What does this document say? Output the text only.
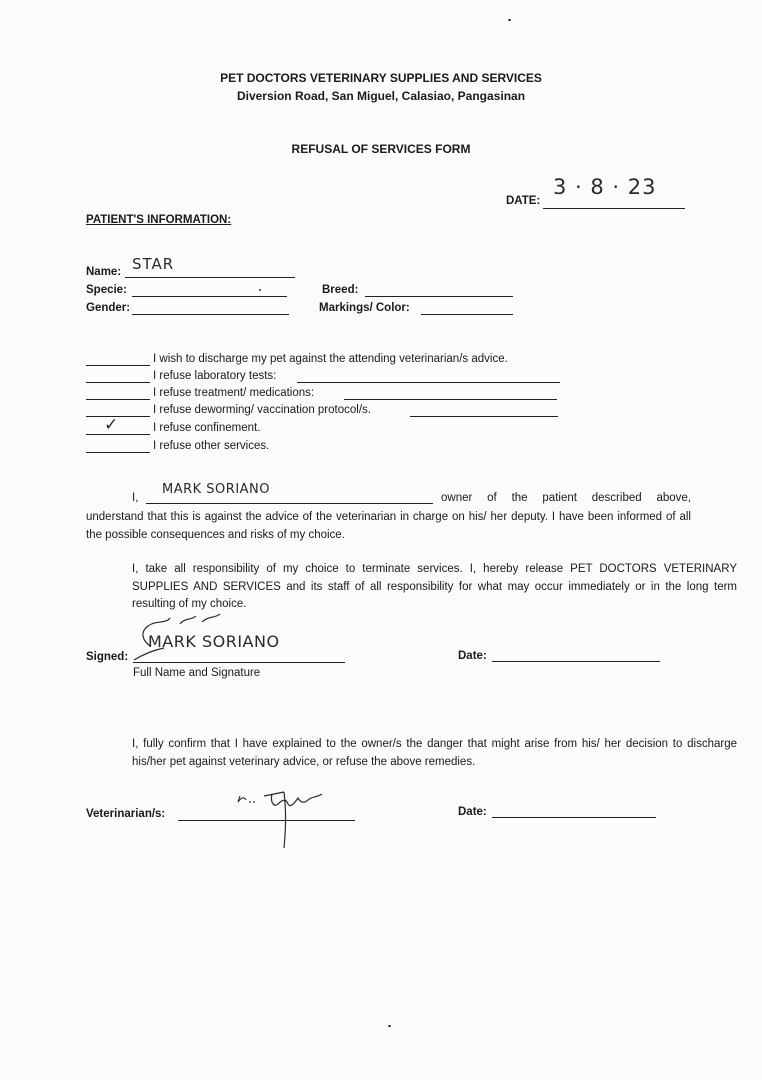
PET DOCTORS VETERINARY SUPPLIES AND SERVICES
Diversion Road, San Miguel, Calasiao, Pangasinan
REFUSAL OF SERVICES FORM
DATE:
3 · 8 · 23
PATIENT'S INFORMATION:
Name: STAR
Specie:	Breed:
Gender:	Markings/ Color:
I wish to discharge my pet against the attending veterinarian/s advice.
I refuse laboratory tests:
I refuse treatment/ medications:
I refuse deworming/ vaccination protocol/s.
✓	I refuse confinement.
I refuse other services.
I,
MARK SORIANO
owner of the patient described above,
understand that this is against the advice of the veterinarian in charge on his/ her deputy. I have been informed of all the possible consequences and risks of my choice.
I, take all responsibility of my choice to terminate services. I, hereby release PET DOCTORS VETERINARY SUPPLIES AND SERVICES and its staff of all responsibility for what may occur immediately or in the long term resulting of my choice.
Signed:
MARK SORIANO
Full Name and Signature
Date:
I, fully confirm that I have explained to the owner/s the danger that might arise from his/ her decision to discharge his/her pet against veterinary advice, or refuse the above remedies.
Veterinarian/s:	Date:
